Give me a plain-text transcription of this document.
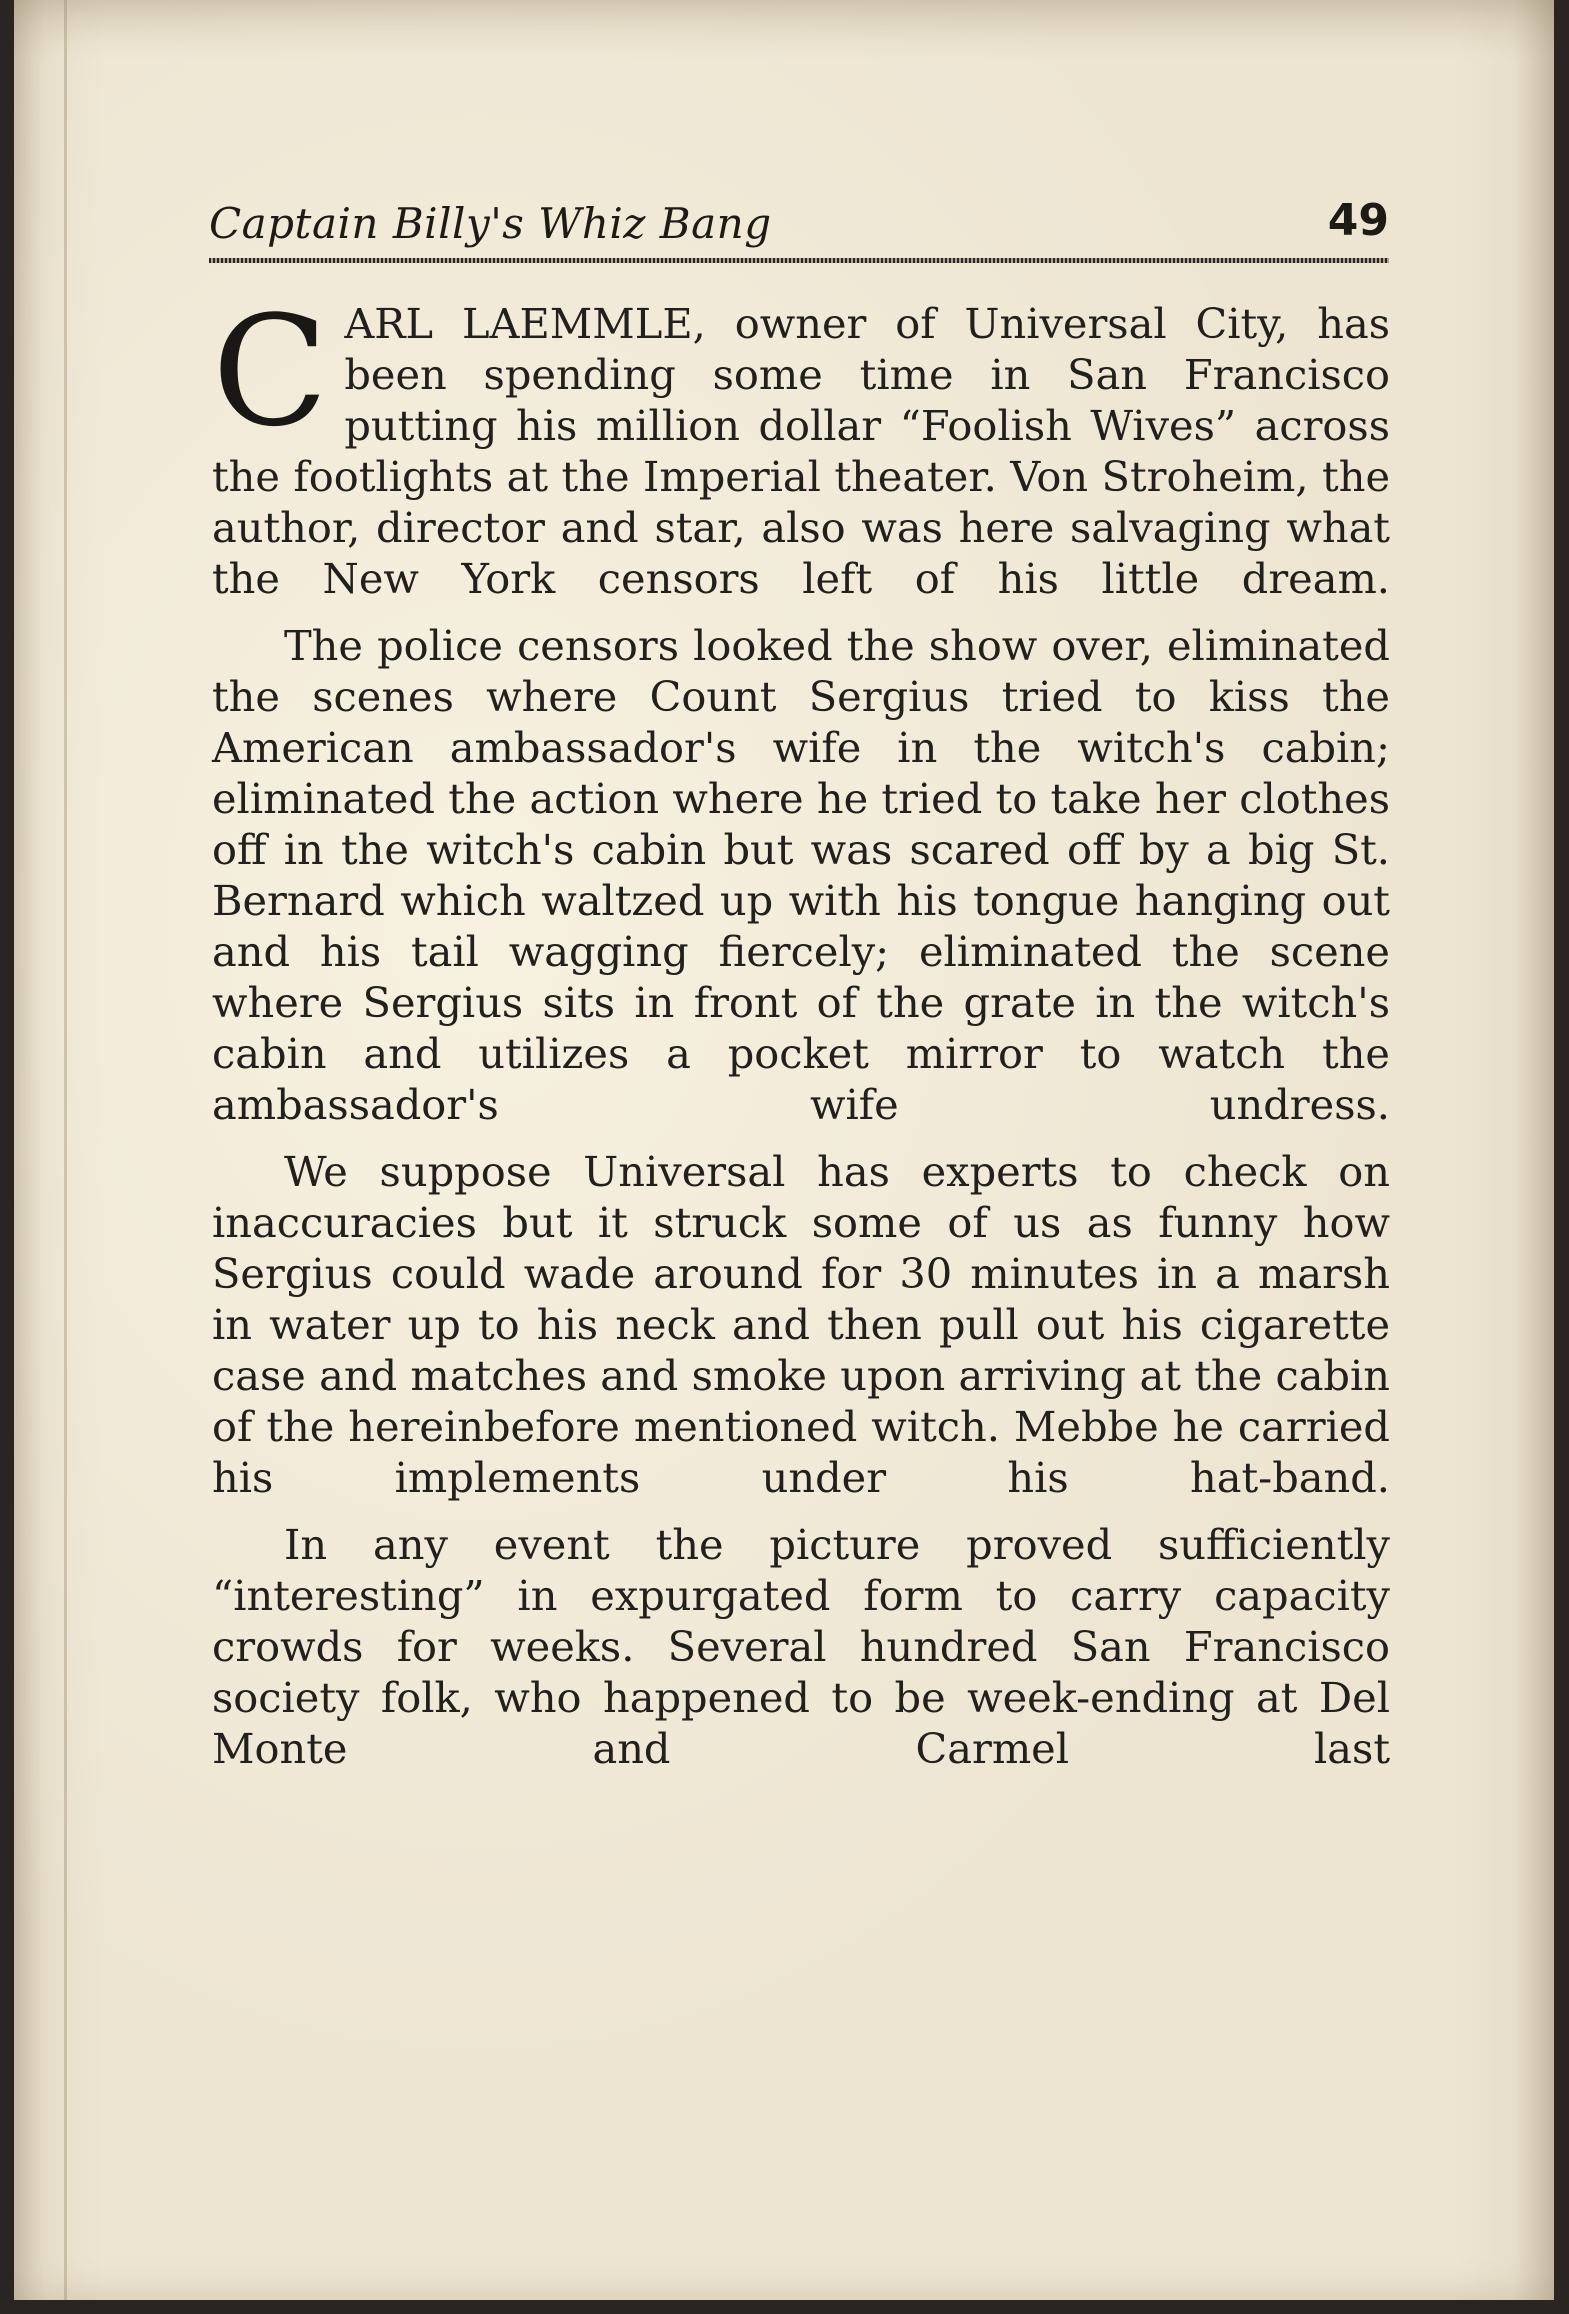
Captain Billy's Whiz Bang	49

CARL LAEMMLE, owner of Universal City, has been spending some time in San Francisco putting his million dollar “Foolish Wives” across the footlights at the Imperial theater. Von Stroheim, the author, director and star, also was here salvaging what the New York censors left of his little dream.

The police censors looked the show over, eliminated the scenes where Count Sergius tried to kiss the American ambassador's wife in the witch's cabin; eliminated the action where he tried to take her clothes off in the witch's cabin but was scared off by a big St. Bernard which waltzed up with his tongue hanging out and his tail wagging fiercely; eliminated the scene where Sergius sits in front of the grate in the witch's cabin and utilizes a pocket mirror to watch the ambassador's wife undress.

We suppose Universal has experts to check on inaccuracies but it struck some of us as funny how Sergius could wade around for 30 minutes in a marsh in water up to his neck and then pull out his cigarette case and matches and smoke upon arriving at the cabin of the hereinbefore mentioned witch. Mebbe he carried his implements under his hat-band.

In any event the picture proved sufficiently “interesting” in expurgated form to carry capacity crowds for weeks. Several hundred San Francisco society folk, who happened to be week-ending at Del Monte and Carmel last
